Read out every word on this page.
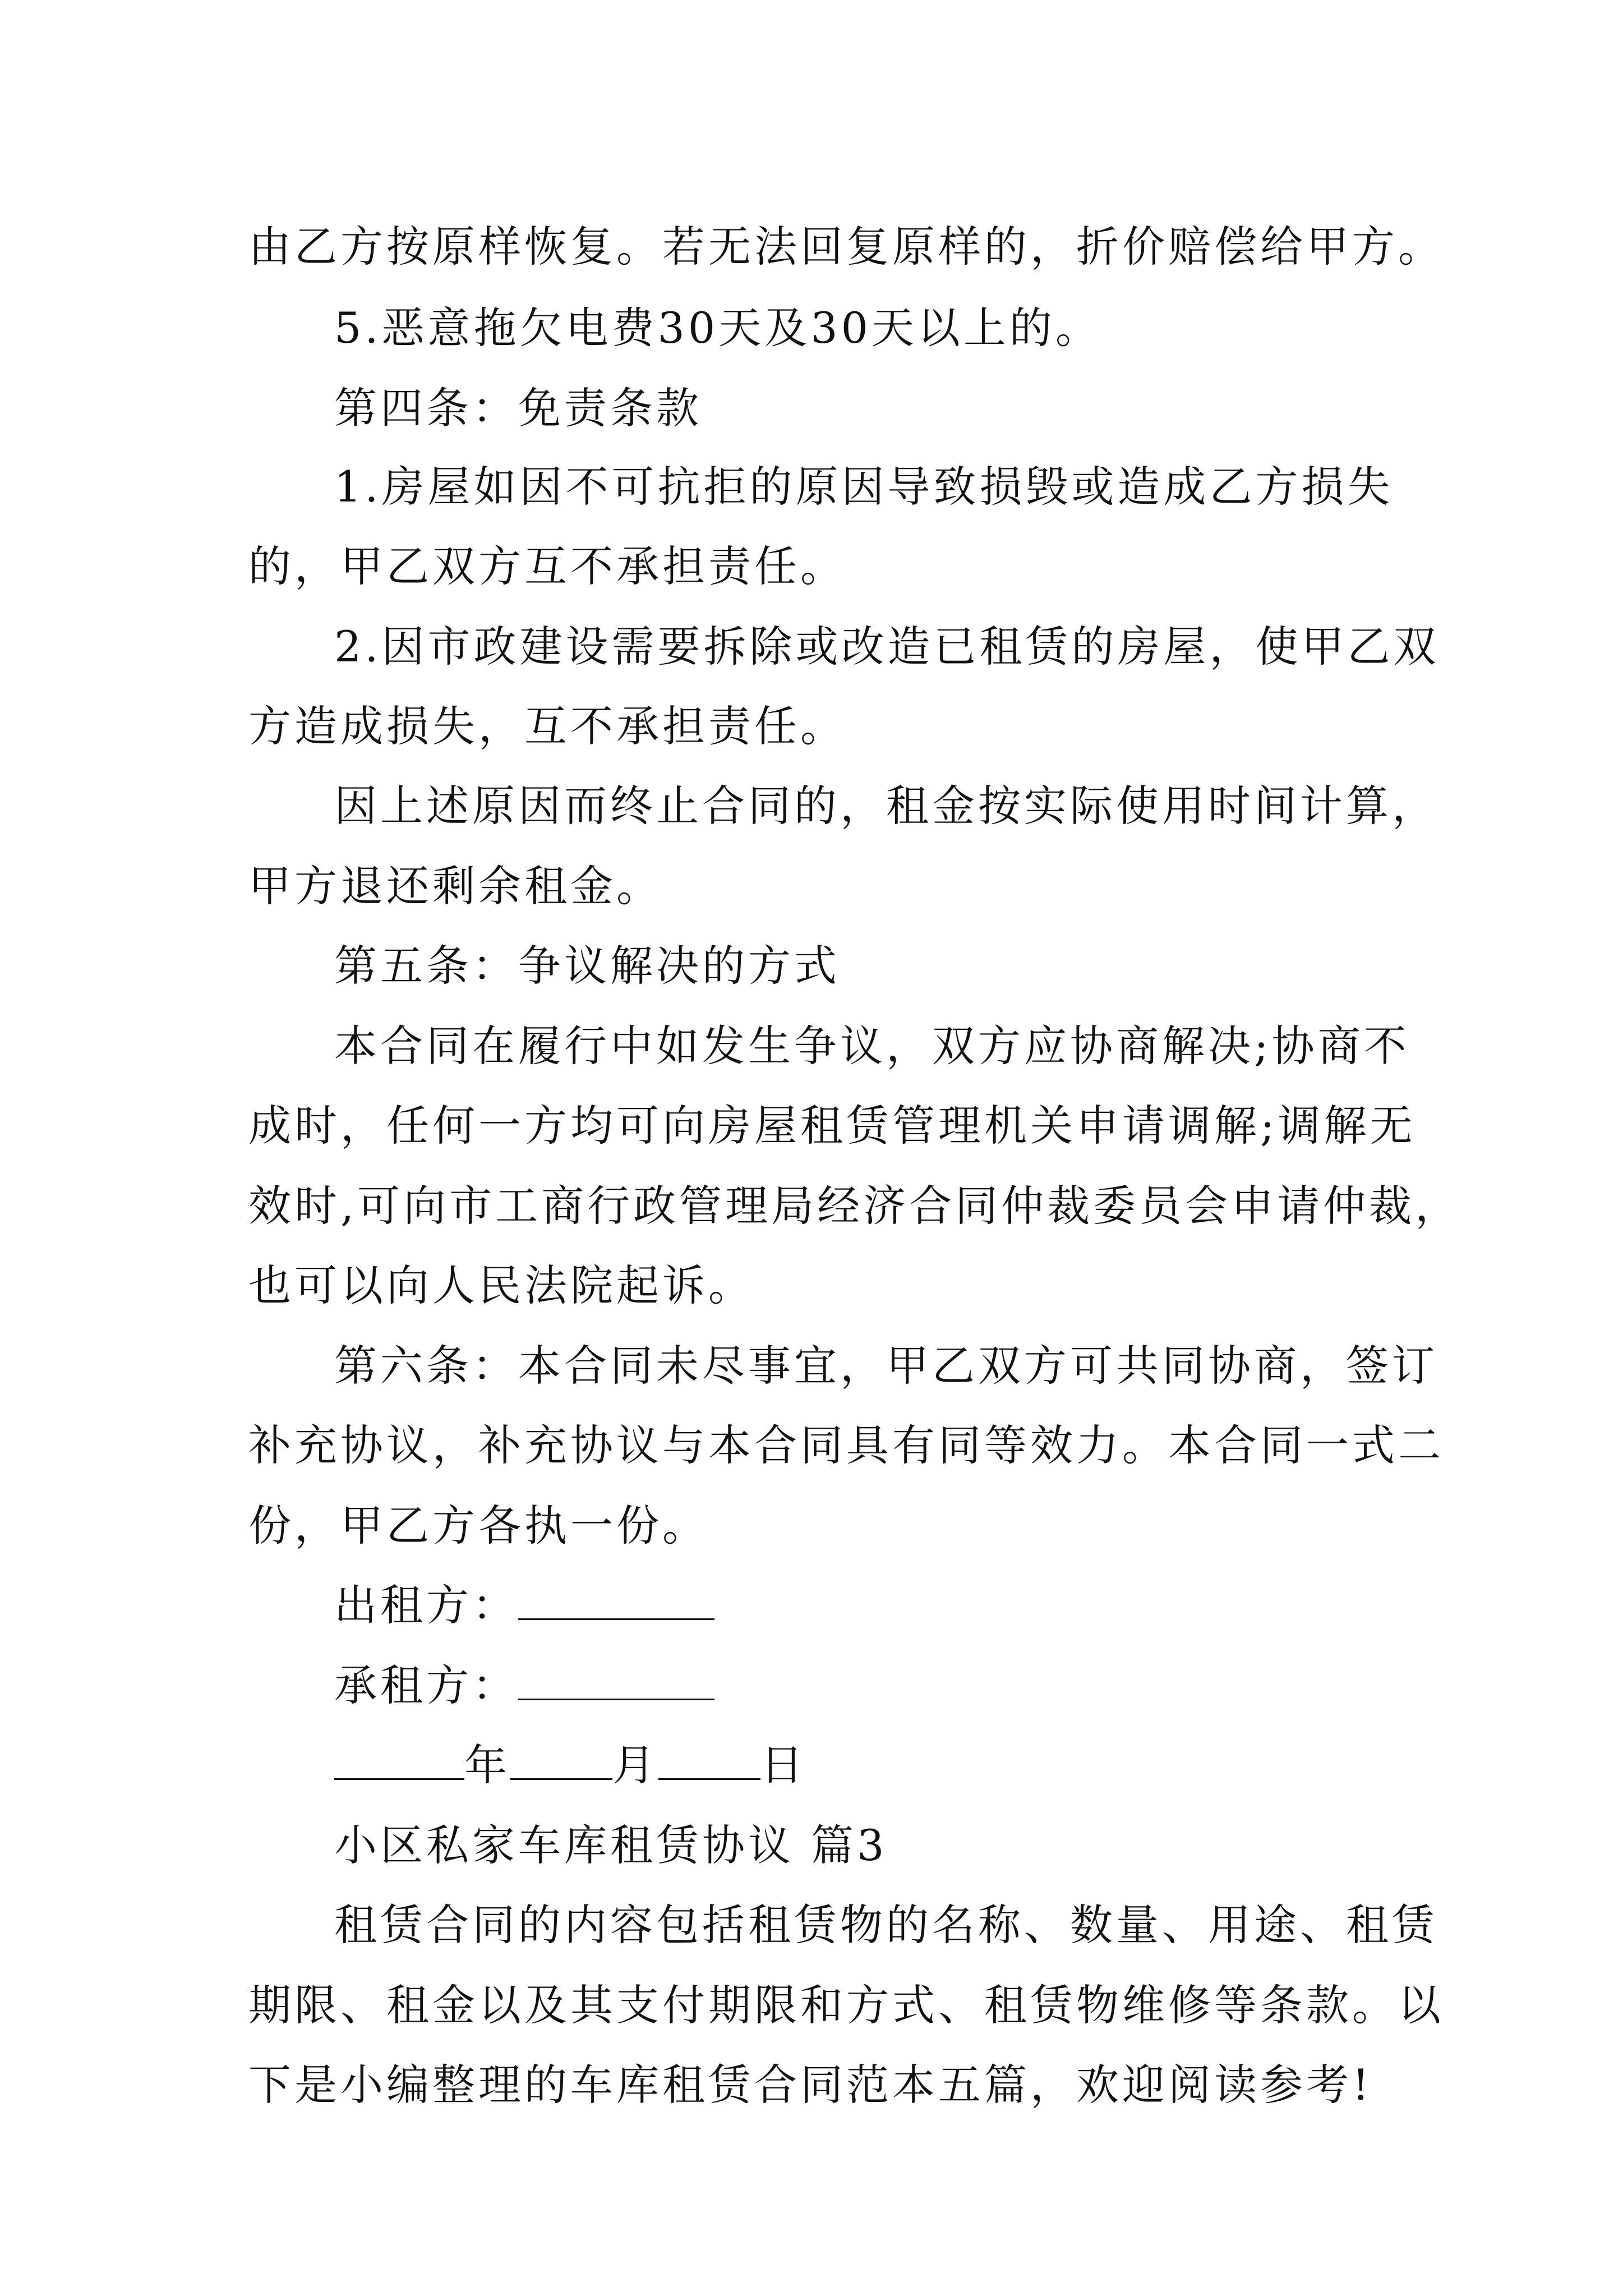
由乙方按原样恢复。若无法回复原样的，折价赔偿给甲方。
5.恶意拖欠电费30天及30天以上的。
第四条：免责条款
1.房屋如因不可抗拒的原因导致损毁或造成乙方损失
的，甲乙双方互不承担责任。
2.因市政建设需要拆除或改造已租赁的房屋，使甲乙双
方造成损失，互不承担责任。
因上述原因而终止合同的，租金按实际使用时间计算，
甲方退还剩余租金。
第五条：争议解决的方式
本合同在履行中如发生争议，双方应协商解决;协商不
成时，任何一方均可向房屋租赁管理机关申请调解;调解无
效时,可向市工商行政管理局经济合同仲裁委员会申请仲裁，
也可以向人民法院起诉。
第六条：本合同未尽事宜，甲乙双方可共同协商，签订
补充协议，补充协议与本合同具有同等效力。本合同一式二
份，甲乙方各执一份。
出租方：
承租方：
年 月 日
小区私家车库租赁协议 篇3
租赁合同的内容包括租赁物的名称、数量、用途、租赁
期限、租金以及其支付期限和方式、租赁物维修等条款。以
下是小编整理的车库租赁合同范本五篇，欢迎阅读参考!
